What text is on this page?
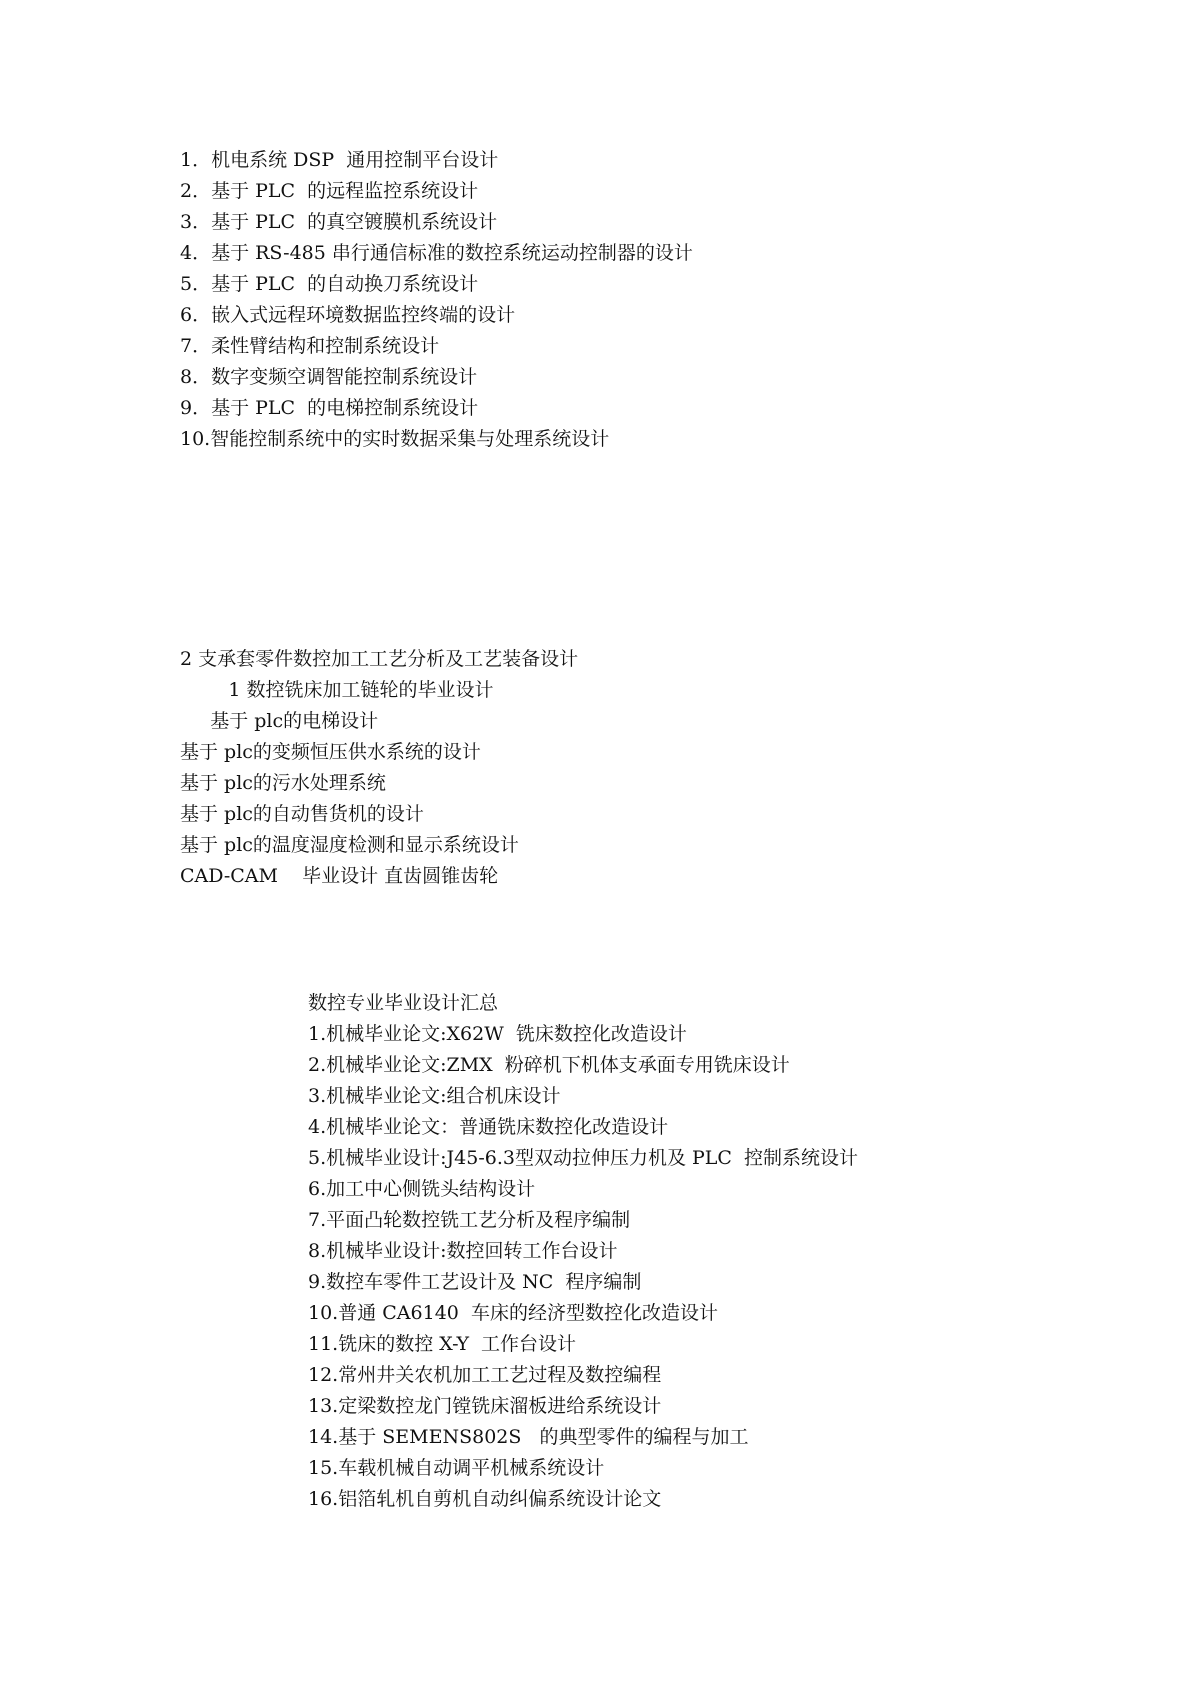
1．机电系统 DSP  通用控制平台设计
2．基于 PLC  的远程监控系统设计
3．基于 PLC  的真空镀膜机系统设计
4．基于 RS-485 串行通信标准的数控系统运动控制器的设计
5．基于 PLC  的自动换刀系统设计
6．嵌入式远程环境数据监控终端的设计
7．柔性臂结构和控制系统设计
8．数字变频空调智能控制系统设计
9．基于 PLC  的电梯控制系统设计
10.智能控制系统中的实时数据采集与处理系统设计
2 支承套零件数控加工工艺分析及工艺装备设计
1 数控铣床加工链轮的毕业设计
基于 plc的电梯设计
基于 plc的变频恒压供水系统的设计
基于 plc的污水处理系统
基于 plc的自动售货机的设计
基于 plc的温度湿度检测和显示系统设计
CAD-CAM    毕业设计 直齿圆锥齿轮
数控专业毕业设计汇总
1.机械毕业论文:X62W  铣床数控化改造设计
2.机械毕业论文:ZMX  粉碎机下机体支承面专用铣床设计
3.机械毕业论文:组合机床设计
4.机械毕业论文：普通铣床数控化改造设计
5.机械毕业设计:J45-6.3型双动拉伸压力机及 PLC  控制系统设计
6.加工中心侧铣头结构设计
7.平面凸轮数控铣工艺分析及程序编制
8.机械毕业设计:数控回转工作台设计
9.数控车零件工艺设计及 NC  程序编制
10.普通 CA6140  车床的经济型数控化改造设计
11.铣床的数控 X-Y  工作台设计
12.常州井关农机加工工艺过程及数控编程
13.定梁数控龙门镗铣床溜板进给系统设计
14.基于 SEMENS802S   的典型零件的编程与加工
15.车载机械自动调平机械系统设计
16.铝箔轧机自剪机自动纠偏系统设计论文
